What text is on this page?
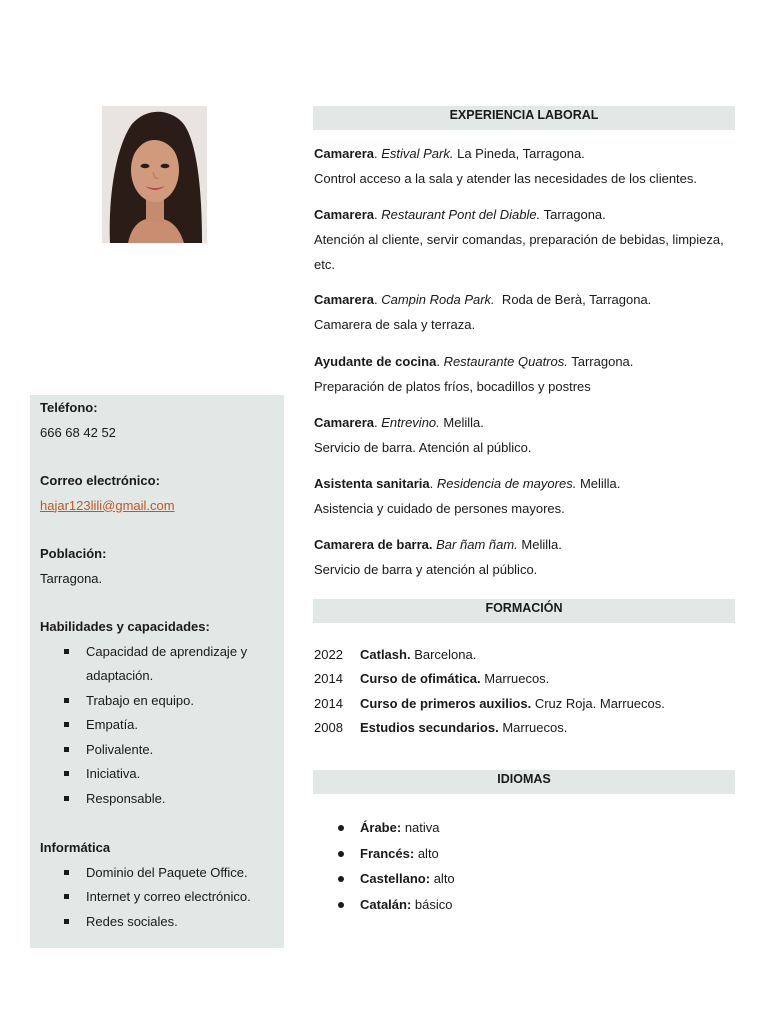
Teléfono:
666 68 42 52
Correo electrónico:
hajar123lili@gmail.com
Población:
Tarragona.
Habilidades y capacidades:
Capacidad de aprendizaje y adaptación.
Trabajo en equipo.
Empatía.
Polivalente.
Iniciativa.
Responsable.
Informática
Dominio del Paquete Office.
Internet y correo electrónico.
Redes sociales.
EXPERIENCIA LABORAL
Camarera. Estival Park. La Pineda, Tarragona.
Control acceso a la sala y atender las necesidades de los clientes.
Camarera. Restaurant Pont del Diable. Tarragona.
Atención al cliente, servir comandas, preparación de bebidas, limpieza, etc.
Camarera. Campin Roda Park.  Roda de Berà, Tarragona.
Camarera de sala y terraza.
Ayudante de cocina. Restaurante Quatros. Tarragona.
Preparación de platos fríos, bocadillos y postres
Camarera. Entrevino. Melilla.
Servicio de barra. Atención al público.
Asistenta sanitaria. Residencia de mayores. Melilla.
Asistencia y cuidado de persones mayores.
Camarera de barra. Bar ñam ñam. Melilla.
Servicio de barra y atención al público.
FORMACIÓN
2022 Catlash. Barcelona.
2014 Curso de ofimática. Marruecos.
2014 Curso de primeros auxilios. Cruz Roja. Marruecos.
2008 Estudios secundarios. Marruecos.
IDIOMAS
Árabe: nativa
Francés: alto
Castellano: alto
Catalán: básico
